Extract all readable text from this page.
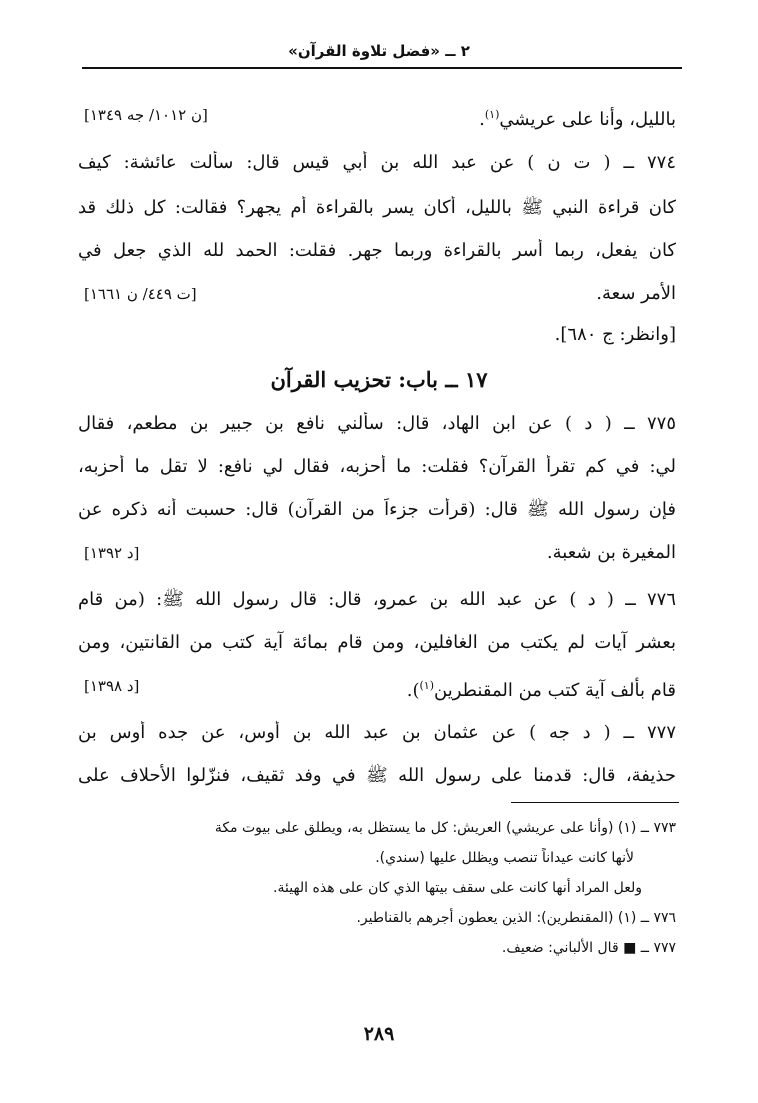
٢ ــ «فضل تلاوة القرآن»
بالليل، وأنا على عريشي$^{(١)}$.
٧٧٤ ــ ( ت ن ) عن عبد الله بن أبي قيس قال: سألت عائشة: كيف
كان قراءة النبي ﷺ بالليل، أكان يسر بالقراءة أم يجهر؟ فقالت: كل ذلك قد
كان يفعل، ربما أسر بالقراءة وربما جهر. فقلت: الحمد لله الذي جعل في
الأمر سعة.
[وانظر: ج ٦٨٠].
٧٧٥ ــ ( د ) عن ابن الهاد، قال: سألني نافع بن جبير بن مطعم، فقال
لي: في كم تقرأ القرآن؟ فقلت: ما أحزبه، فقال لي نافع: لا تقل ما أحزبه،
فإن رسول الله ﷺ قال: (قرأت جزءاً من القرآن) قال: حسبت أنه ذكره عن
المغيرة بن شعبة.
٧٧٦ ــ ( د ) عن عبد الله بن عمرو، قال: قال رسول الله ﷺ: (من قام
بعشر آيات لم يكتب من الغافلين، ومن قام بمائة آية كتب من القانتين، ومن
قام بألف آية كتب من المقنطرين$^{(١)}$).
٧٧٧ ــ ( د جه ) عن عثمان بن عبد الله بن أوس، عن جده أوس بن
حذيفة، قال: قدمنا على رسول الله ﷺ في وفد ثقيف، فنزّلوا الأحلاف على
[ن ١٠١٢/ جه ١٣٤٩]
[ت ٤٤٩/ ن ١٦٦١]
[د ١٣٩٢]
[د ١٣٩٨]
١٧ ــ باب: تحزيب القرآن
٧٧٣ ــ (١) (وأنا على عريشي) العريش: كل ما يستظل به، ويطلق على بيوت مكة
لأنها كانت عيداناً تنصب ويظلل عليها (سندي).
ولعل المراد أنها كانت على سقف بيتها الذي كان على هذه الهيئة.
٧٧٦ ــ (١) (المقنطرين): الذين يعطون أجرهم بالقناطير.
٧٧٧ ــ ■ قال الألباني: ضعيف.
٢٨٩
